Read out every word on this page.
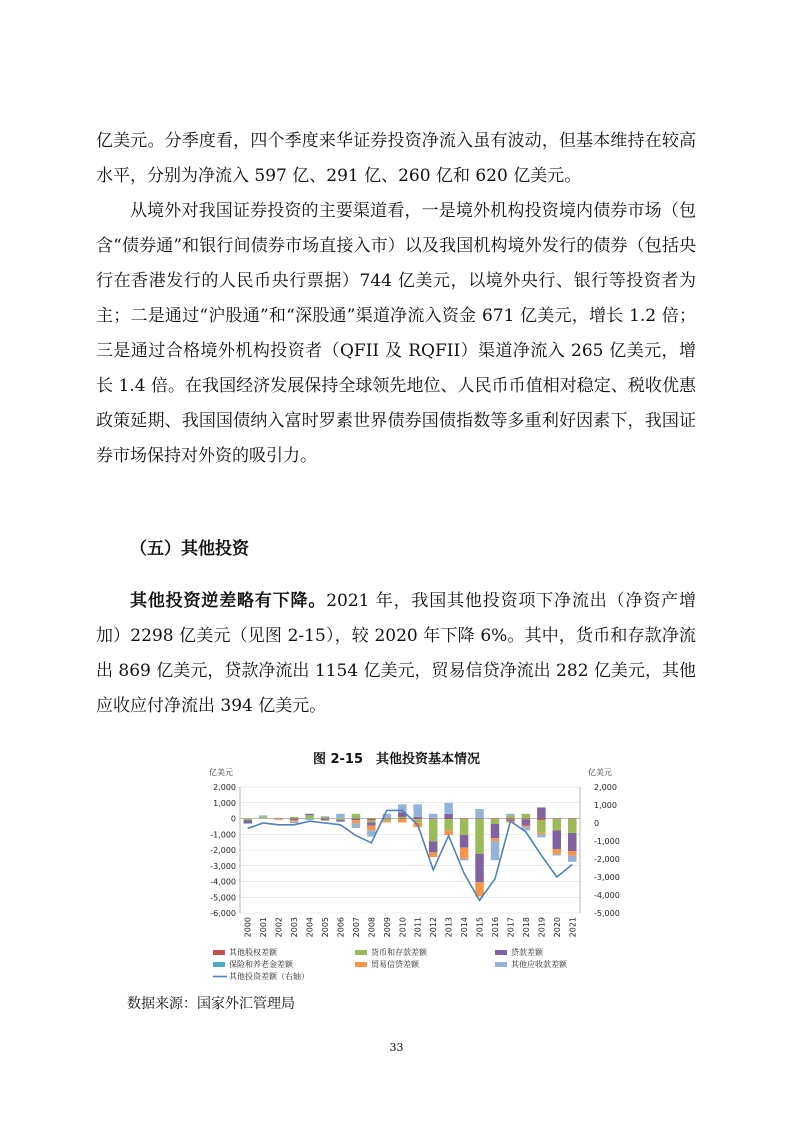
亿美元。分季度看，四个季度来华证券投资净流入虽有波动，但基本维持在较高水平，分别为净流入 597 亿、291 亿、260 亿和 620 亿美元。

从境外对我国证券投资的主要渠道看，一是境外机构投资境内债券市场（包含“债券通”和银行间债券市场直接入市）以及我国机构境外发行的债券（包括央行在香港发行的人民币央行票据）744 亿美元，以境外央行、银行等投资者为主；二是通过“沪股通”和“深股通”渠道净流入资金 671 亿美元，增长 1.2 倍；三是通过合格境外机构投资者（QFII 及 RQFII）渠道净流入 265 亿美元，增长 1.4 倍。在我国经济发展保持全球领先地位、人民币币值相对稳定、税收优惠政策延期、我国国债纳入富时罗素世界债券国债指数等多重利好因素下，我国证券市场保持对外资的吸引力。

（五）其他投资

其他投资逆差略有下降。2021 年，我国其他投资项下净流出（净资产增加）2298 亿美元（见图 2-15），较 2020 年下降 6%。其中，货币和存款净流出 869 亿美元，贷款净流出 1154 亿美元，贸易信贷净流出 282 亿美元，其他应收应付净流出 394 亿美元。

图 2-15　其他投资基本情况
亿美元	亿美元
2,000
1,000
0
-1,000
-2,000
-3,000
-4,000
-5,000
-6,000
2,000
1,000
0
-1,000
-2,000
-3,000
-4,000
-5,000
2000 2001 2002 2003 2004 2005 2006 2007 2008 2009 2010 2011 2012 2013 2014 2015 2016 2017 2018 2019 2020 2021
其他股权差额	货币和存款差额	贷款差额
保险和养老金差额	贸易信贷差额	其他应收款差额
其他投资差额（右轴）
数据来源：国家外汇管理局
33
